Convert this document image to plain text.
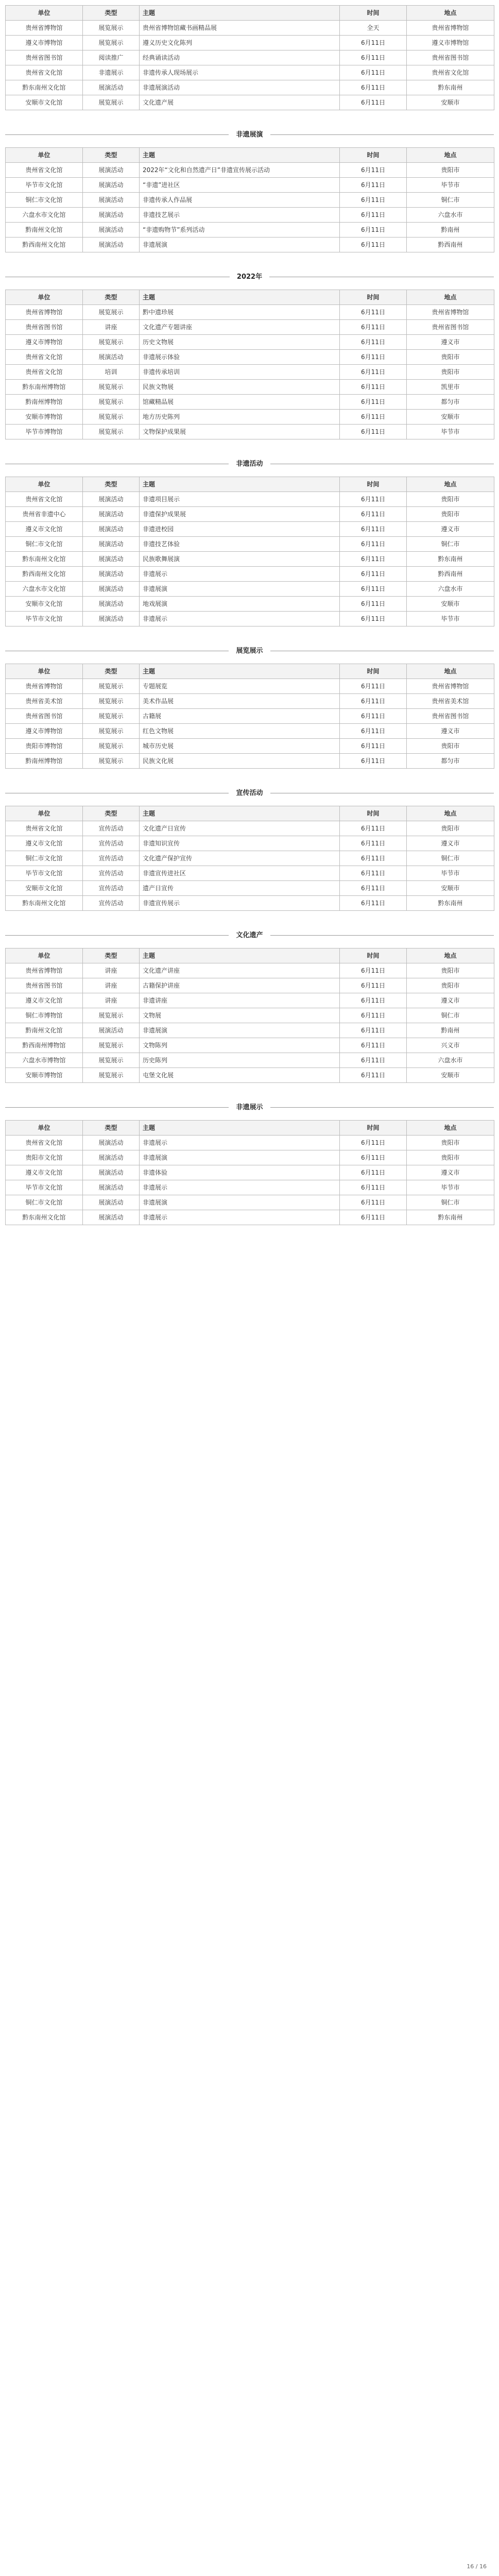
单位	类型	主题	时间	地点
贵州省博物馆	展览展示	贵州省博物馆藏书画精品展	全天	贵州省博物馆
遵义市博物馆	展览展示	遵义历史文化陈列	6月11日	遵义市博物馆
贵州省图书馆	阅读推广	经典诵读活动	6月11日	贵州省图书馆
贵州省文化馆	非遗展示	非遗传承人现场展示	6月11日	贵州省文化馆
黔东南州文化馆	展演活动	非遗展演活动	6月11日	黔东南州
安顺市文化馆	展览展示	文化遗产展	6月11日	安顺市
非遗展演
单位	类型	主题	时间	地点
贵州省文化馆	展演活动	2022年“文化和自然遗产日”非遗宣传展示活动	6月11日	贵阳市
毕节市文化馆	展演活动	“非遗”进社区	6月11日	毕节市
铜仁市文化馆	展演活动	非遗传承人作品展	6月11日	铜仁市
六盘水市文化馆	展演活动	非遗技艺展示	6月11日	六盘水市
黔南州文化馆	展演活动	“非遗购物节”系列活动	6月11日	黔南州
黔西南州文化馆	展演活动	非遗展演	6月11日	黔西南州
2022年
单位	类型	主题	时间	地点
贵州省博物馆	展览展示	黔中遗珍展	6月11日	贵州省博物馆
贵州省图书馆	讲座	文化遗产专题讲座	6月11日	贵州省图书馆
遵义市博物馆	展览展示	历史文物展	6月11日	遵义市
贵州省文化馆	展演活动	非遗展示体验	6月11日	贵阳市
贵州省文化馆	培训	非遗传承培训	6月11日	贵阳市
黔东南州博物馆	展览展示	民族文物展	6月11日	凯里市
黔南州博物馆	展览展示	馆藏精品展	6月11日	都匀市
安顺市博物馆	展览展示	地方历史陈列	6月11日	安顺市
毕节市博物馆	展览展示	文物保护成果展	6月11日	毕节市
非遗活动
单位	类型	主题	时间	地点
贵州省文化馆	展演活动	非遗项目展示	6月11日	贵阳市
贵州省非遗中心	展演活动	非遗保护成果展	6月11日	贵阳市
遵义市文化馆	展演活动	非遗进校园	6月11日	遵义市
铜仁市文化馆	展演活动	非遗技艺体验	6月11日	铜仁市
黔东南州文化馆	展演活动	民族歌舞展演	6月11日	黔东南州
黔西南州文化馆	展演活动	非遗展示	6月11日	黔西南州
六盘水市文化馆	展演活动	非遗展演	6月11日	六盘水市
安顺市文化馆	展演活动	地戏展演	6月11日	安顺市
毕节市文化馆	展演活动	非遗展示	6月11日	毕节市
展览展示
单位	类型	主题	时间	地点
贵州省博物馆	展览展示	专题展览	6月11日	贵州省博物馆
贵州省美术馆	展览展示	美术作品展	6月11日	贵州省美术馆
贵州省图书馆	展览展示	古籍展	6月11日	贵州省图书馆
遵义市博物馆	展览展示	红色文物展	6月11日	遵义市
贵阳市博物馆	展览展示	城市历史展	6月11日	贵阳市
黔南州博物馆	展览展示	民族文化展	6月11日	都匀市
宣传活动
单位	类型	主题	时间	地点
贵州省文化馆	宣传活动	文化遗产日宣传	6月11日	贵阳市
遵义市文化馆	宣传活动	非遗知识宣传	6月11日	遵义市
铜仁市文化馆	宣传活动	文化遗产保护宣传	6月11日	铜仁市
毕节市文化馆	宣传活动	非遗宣传进社区	6月11日	毕节市
安顺市文化馆	宣传活动	遗产日宣传	6月11日	安顺市
黔东南州文化馆	宣传活动	非遗宣传展示	6月11日	黔东南州
文化遗产
单位	类型	主题	时间	地点
贵州省博物馆	讲座	文化遗产讲座	6月11日	贵阳市
贵州省图书馆	讲座	古籍保护讲座	6月11日	贵阳市
遵义市文化馆	讲座	非遗讲座	6月11日	遵义市
铜仁市博物馆	展览展示	文物展	6月11日	铜仁市
黔南州文化馆	展演活动	非遗展演	6月11日	黔南州
黔西南州博物馆	展览展示	文物陈列	6月11日	兴义市
六盘水市博物馆	展览展示	历史陈列	6月11日	六盘水市
安顺市博物馆	展览展示	屯堡文化展	6月11日	安顺市
非遗展示
单位	类型	主题	时间	地点
贵州省文化馆	展演活动	非遗展示	6月11日	贵阳市
贵阳市文化馆	展演活动	非遗展演	6月11日	贵阳市
遵义市文化馆	展演活动	非遗体验	6月11日	遵义市
毕节市文化馆	展演活动	非遗展示	6月11日	毕节市
铜仁市文化馆	展演活动	非遗展演	6月11日	铜仁市
黔东南州文化馆	展演活动	非遗展示	6月11日	黔东南州
16 / 16
